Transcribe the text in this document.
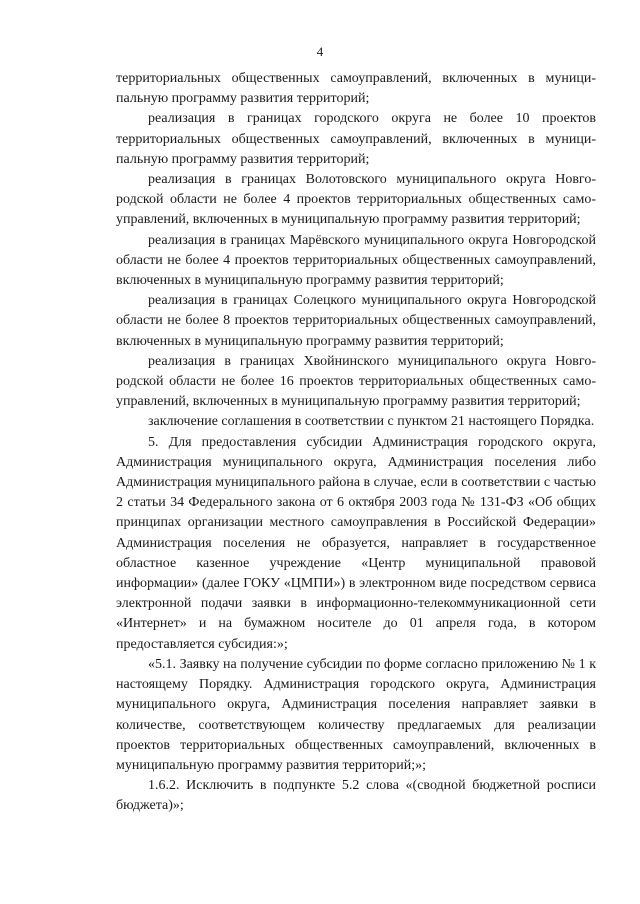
4

территориальных общественных самоуправлений, включенных в муниципальную программу развития территорий;

реализация в границах городского округа не более 10 проектов территориальных общественных самоуправлений, включенных в муниципальную программу развития территорий;

реализация в границах Волотовского муниципального округа Новгородской области не более 4 проектов территориальных общественных самоуправлений, включенных в муниципальную программу развития территорий;

реализация в границах Марёвского муниципального округа Новгородской области не более 4 проектов территориальных общественных самоуправлений, включенных в муниципальную программу развития территорий;

реализация в границах Солецкого муниципального округа Новгородской области не более 8 проектов территориальных общественных самоуправлений, включенных в муниципальную программу развития территорий;

реализация в границах Хвойнинского муниципального округа Новгородской области не более 16 проектов территориальных общественных самоуправлений, включенных в муниципальную программу развития территорий;

заключение соглашения в соответствии с пунктом 21 настоящего Порядка.

5. Для предоставления субсидии Администрация городского округа, Администрация муниципального округа, Администрация поселения либо Администрация муниципального района в случае, если в соответствии с частью 2 статьи 34 Федерального закона от 6 октября 2003 года № 131-ФЗ «Об общих принципах организации местного самоуправления в Российской Федерации» Администрация поселения не образуется, направляет в государственное областное казенное учреждение «Центр муниципальной правовой информации» (далее ГОКУ «ЦМПИ») в электронном виде посредством сервиса электронной подачи заявки в информационно-телекоммуникационной сети «Интернет» и на бумажном носителе до 01 апреля года, в котором предоставляется субсидия:»;

«5.1. Заявку на получение субсидии по форме согласно приложению № 1 к настоящему Порядку. Администрация городского округа, Администрация муниципального округа, Администрация поселения направляет заявки в количестве, соответствующем количеству предлагаемых для реализации проектов территориальных общественных самоуправлений, включенных в муниципальную программу развития территорий;»;

1.6.2. Исключить в подпункте 5.2 слова «(сводной бюджетной росписи бюджета)»;
